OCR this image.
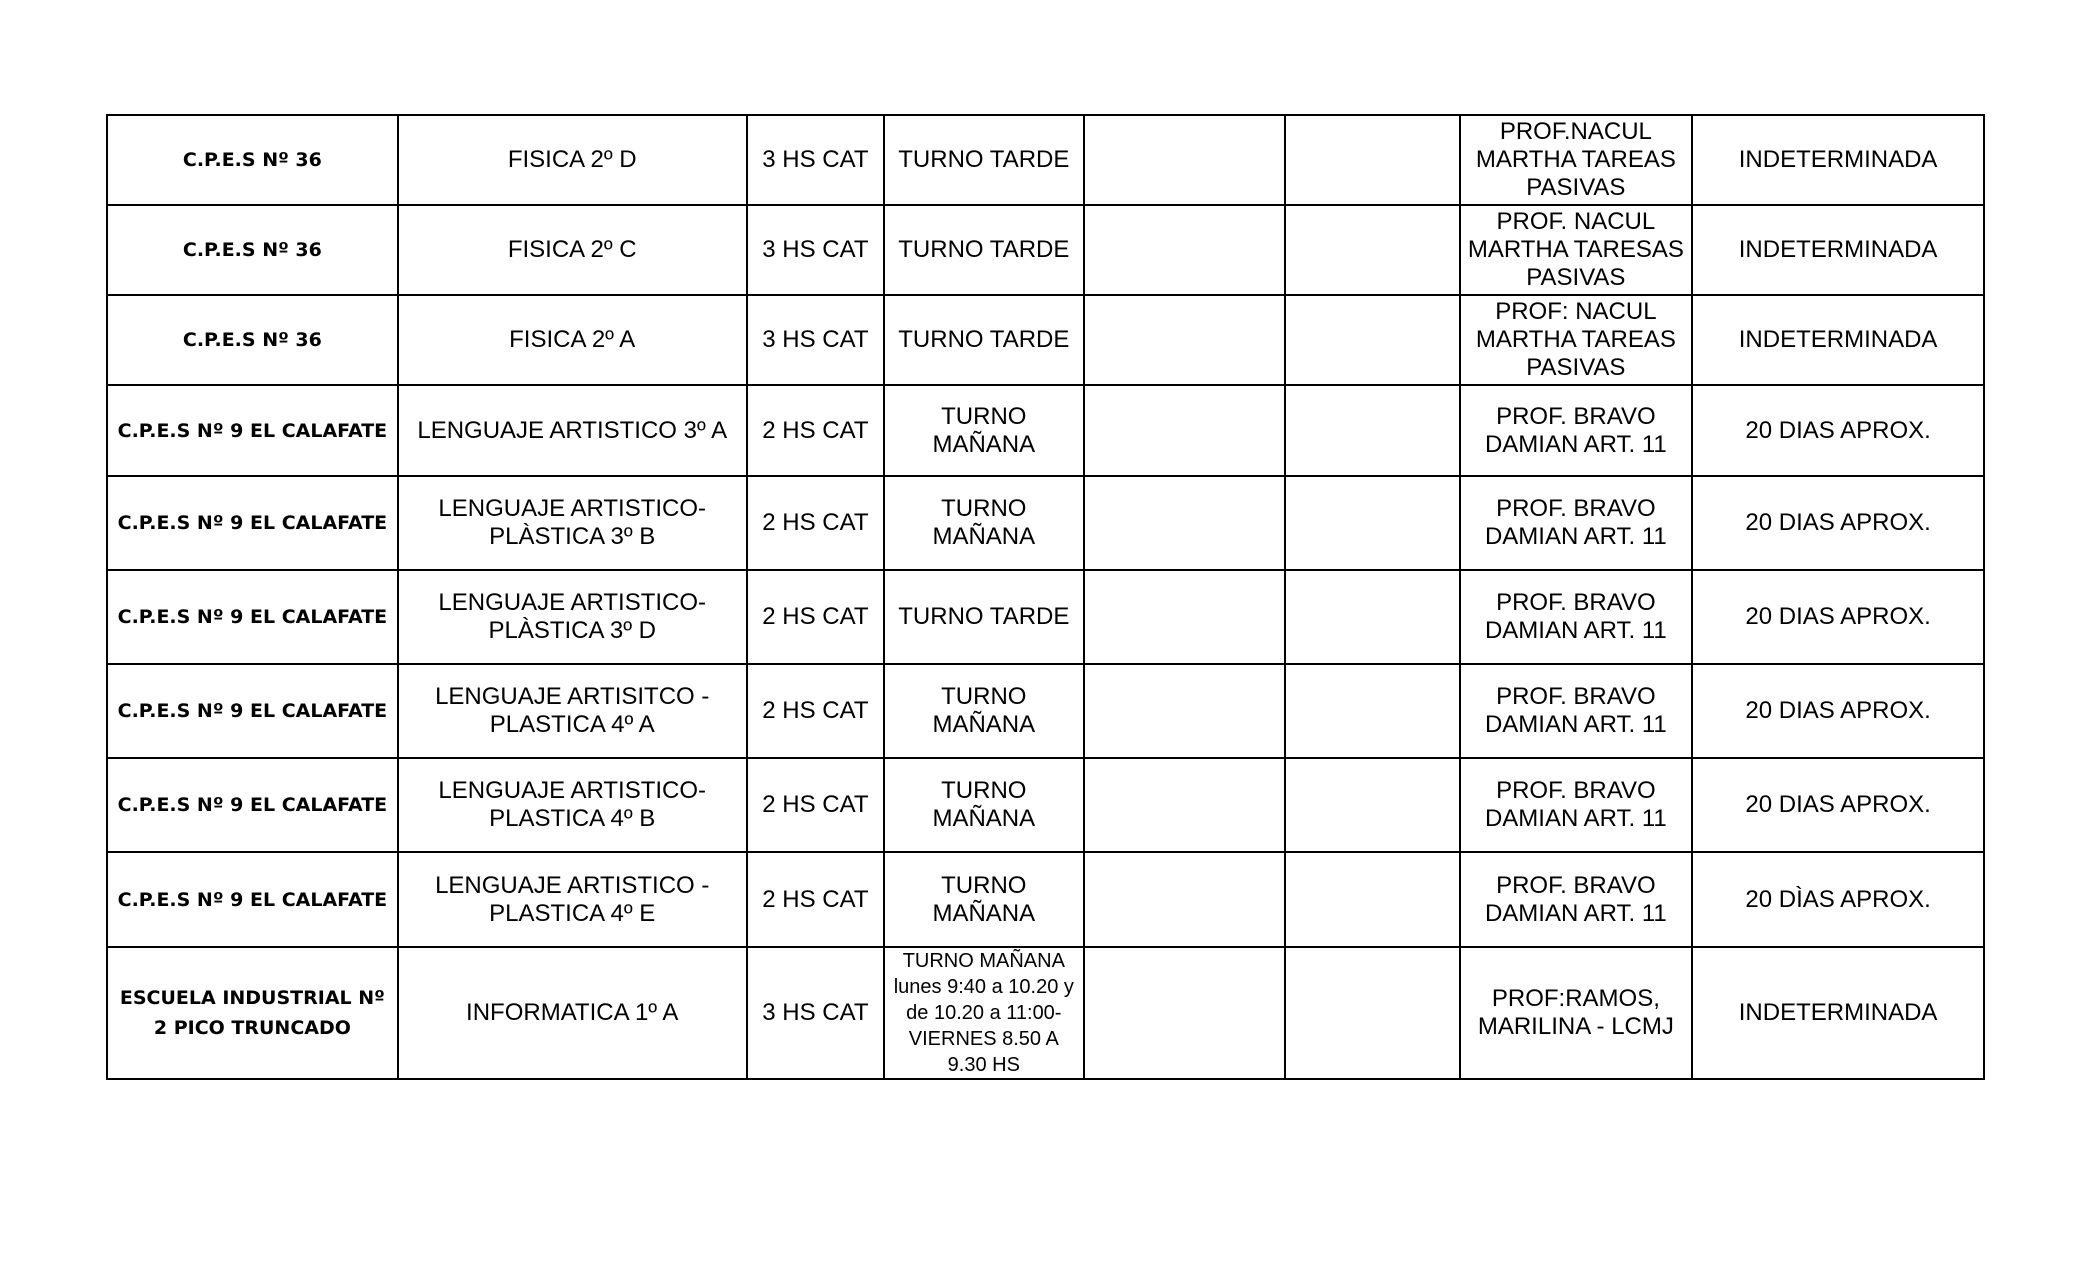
C.P.E.S Nº 36	FISICA 2º D	3 HS CAT	TURNO TARDE			PROF.NACUL MARTHA TAREAS PASIVAS	INDETERMINADA
C.P.E.S Nº 36	FISICA 2º C	3 HS CAT	TURNO TARDE			PROF. NACUL MARTHA TARESAS PASIVAS	INDETERMINADA
C.P.E.S Nº 36	FISICA 2º A	3 HS CAT	TURNO TARDE			PROF: NACUL MARTHA TAREAS PASIVAS	INDETERMINADA
C.P.E.S Nº 9 EL CALAFATE	LENGUAJE ARTISTICO 3º A	2 HS CAT	TURNO MAÑANA			PROF. BRAVO DAMIAN ART. 11	20 DIAS APROX.
C.P.E.S Nº 9 EL CALAFATE	LENGUAJE ARTISTICO-PLÀSTICA 3º B	2 HS CAT	TURNO MAÑANA			PROF. BRAVO DAMIAN ART. 11	20 DIAS APROX.
C.P.E.S Nº 9 EL CALAFATE	LENGUAJE ARTISTICO-PLÀSTICA 3º D	2 HS CAT	TURNO TARDE			PROF. BRAVO DAMIAN ART. 11	20 DIAS APROX.
C.P.E.S Nº 9 EL CALAFATE	LENGUAJE ARTISITCO - PLASTICA 4º A	2 HS CAT	TURNO MAÑANA			PROF. BRAVO DAMIAN ART. 11	20 DIAS APROX.
C.P.E.S Nº 9 EL CALAFATE	LENGUAJE ARTISTICO-PLASTICA 4º B	2 HS CAT	TURNO MAÑANA			PROF. BRAVO DAMIAN ART. 11	20 DIAS APROX.
C.P.E.S Nº 9 EL CALAFATE	LENGUAJE ARTISTICO - PLASTICA 4º E	2 HS CAT	TURNO MAÑANA			PROF. BRAVO DAMIAN ART. 11	20 DÌAS APROX.
ESCUELA INDUSTRIAL Nº 2 PICO TRUNCADO	INFORMATICA 1º A	3 HS CAT	TURNO MAÑANA lunes 9:40 a 10.20 y de 10.20 a 11:00- VIERNES 8.50 A 9.30 HS			PROF:RAMOS, MARILINA - LCMJ	INDETERMINADA
